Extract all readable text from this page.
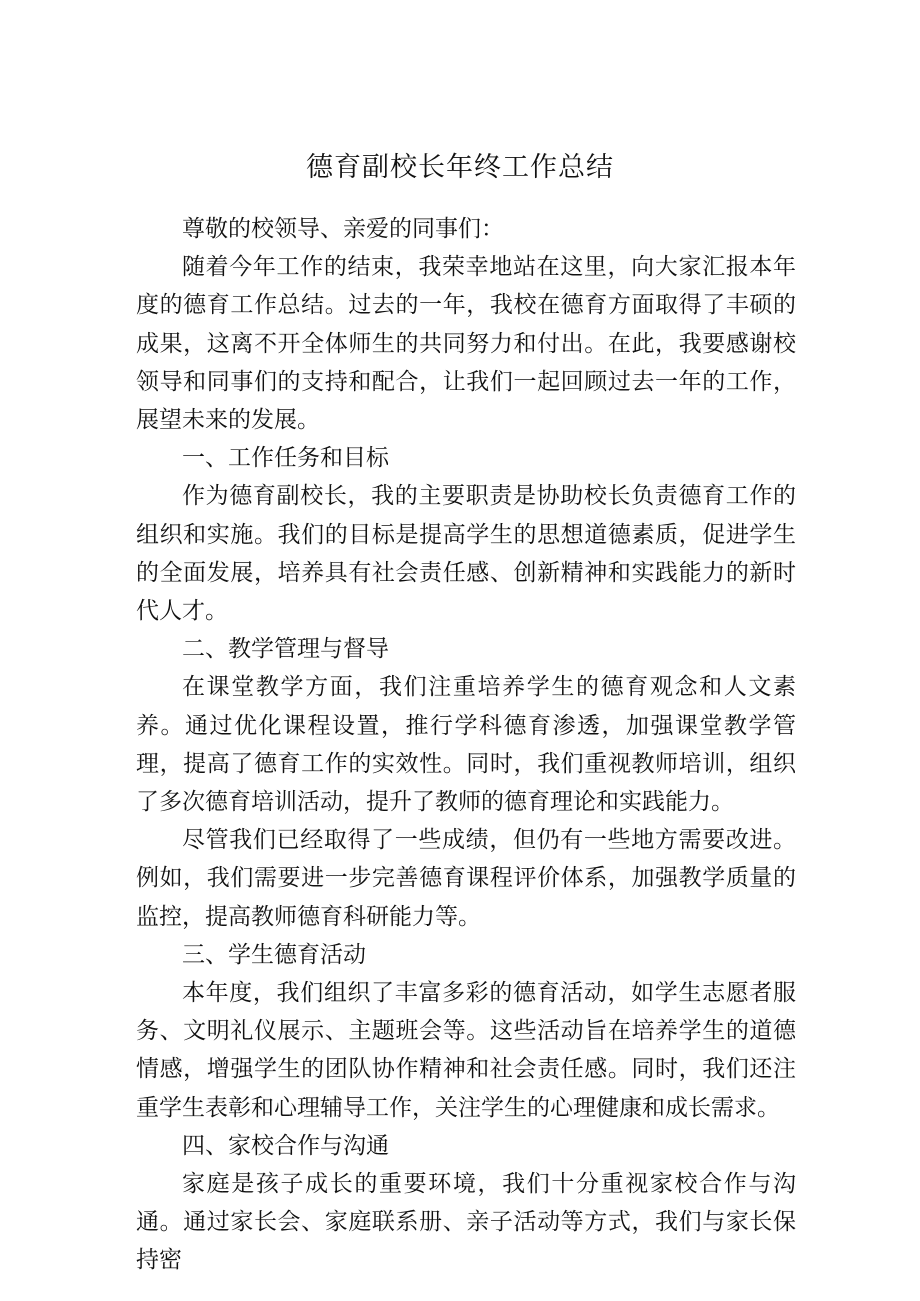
德育副校长年终工作总结

尊敬的校领导、亲爱的同事们：

随着今年工作的结束，我荣幸地站在这里，向大家汇报本年度的德育工作总结。过去的一年，我校在德育方面取得了丰硕的成果，这离不开全体师生的共同努力和付出。在此，我要感谢校领导和同事们的支持和配合，让我们一起回顾过去一年的工作，展望未来的发展。

一、工作任务和目标

作为德育副校长，我的主要职责是协助校长负责德育工作的组织和实施。我们的目标是提高学生的思想道德素质，促进学生的全面发展，培养具有社会责任感、创新精神和实践能力的新时代人才。

二、教学管理与督导

在课堂教学方面，我们注重培养学生的德育观念和人文素养。通过优化课程设置，推行学科德育渗透，加强课堂教学管理，提高了德育工作的实效性。同时，我们重视教师培训，组织了多次德育培训活动，提升了教师的德育理论和实践能力。

尽管我们已经取得了一些成绩，但仍有一些地方需要改进。例如，我们需要进一步完善德育课程评价体系，加强教学质量的监控，提高教师德育科研能力等。

三、学生德育活动

本年度，我们组织了丰富多彩的德育活动，如学生志愿者服务、文明礼仪展示、主题班会等。这些活动旨在培养学生的道德情感，增强学生的团队协作精神和社会责任感。同时，我们还注重学生表彰和心理辅导工作，关注学生的心理健康和成长需求。

四、家校合作与沟通

家庭是孩子成长的重要环境，我们十分重视家校合作与沟通。通过家长会、家庭联系册、亲子活动等方式，我们与家长保持密
